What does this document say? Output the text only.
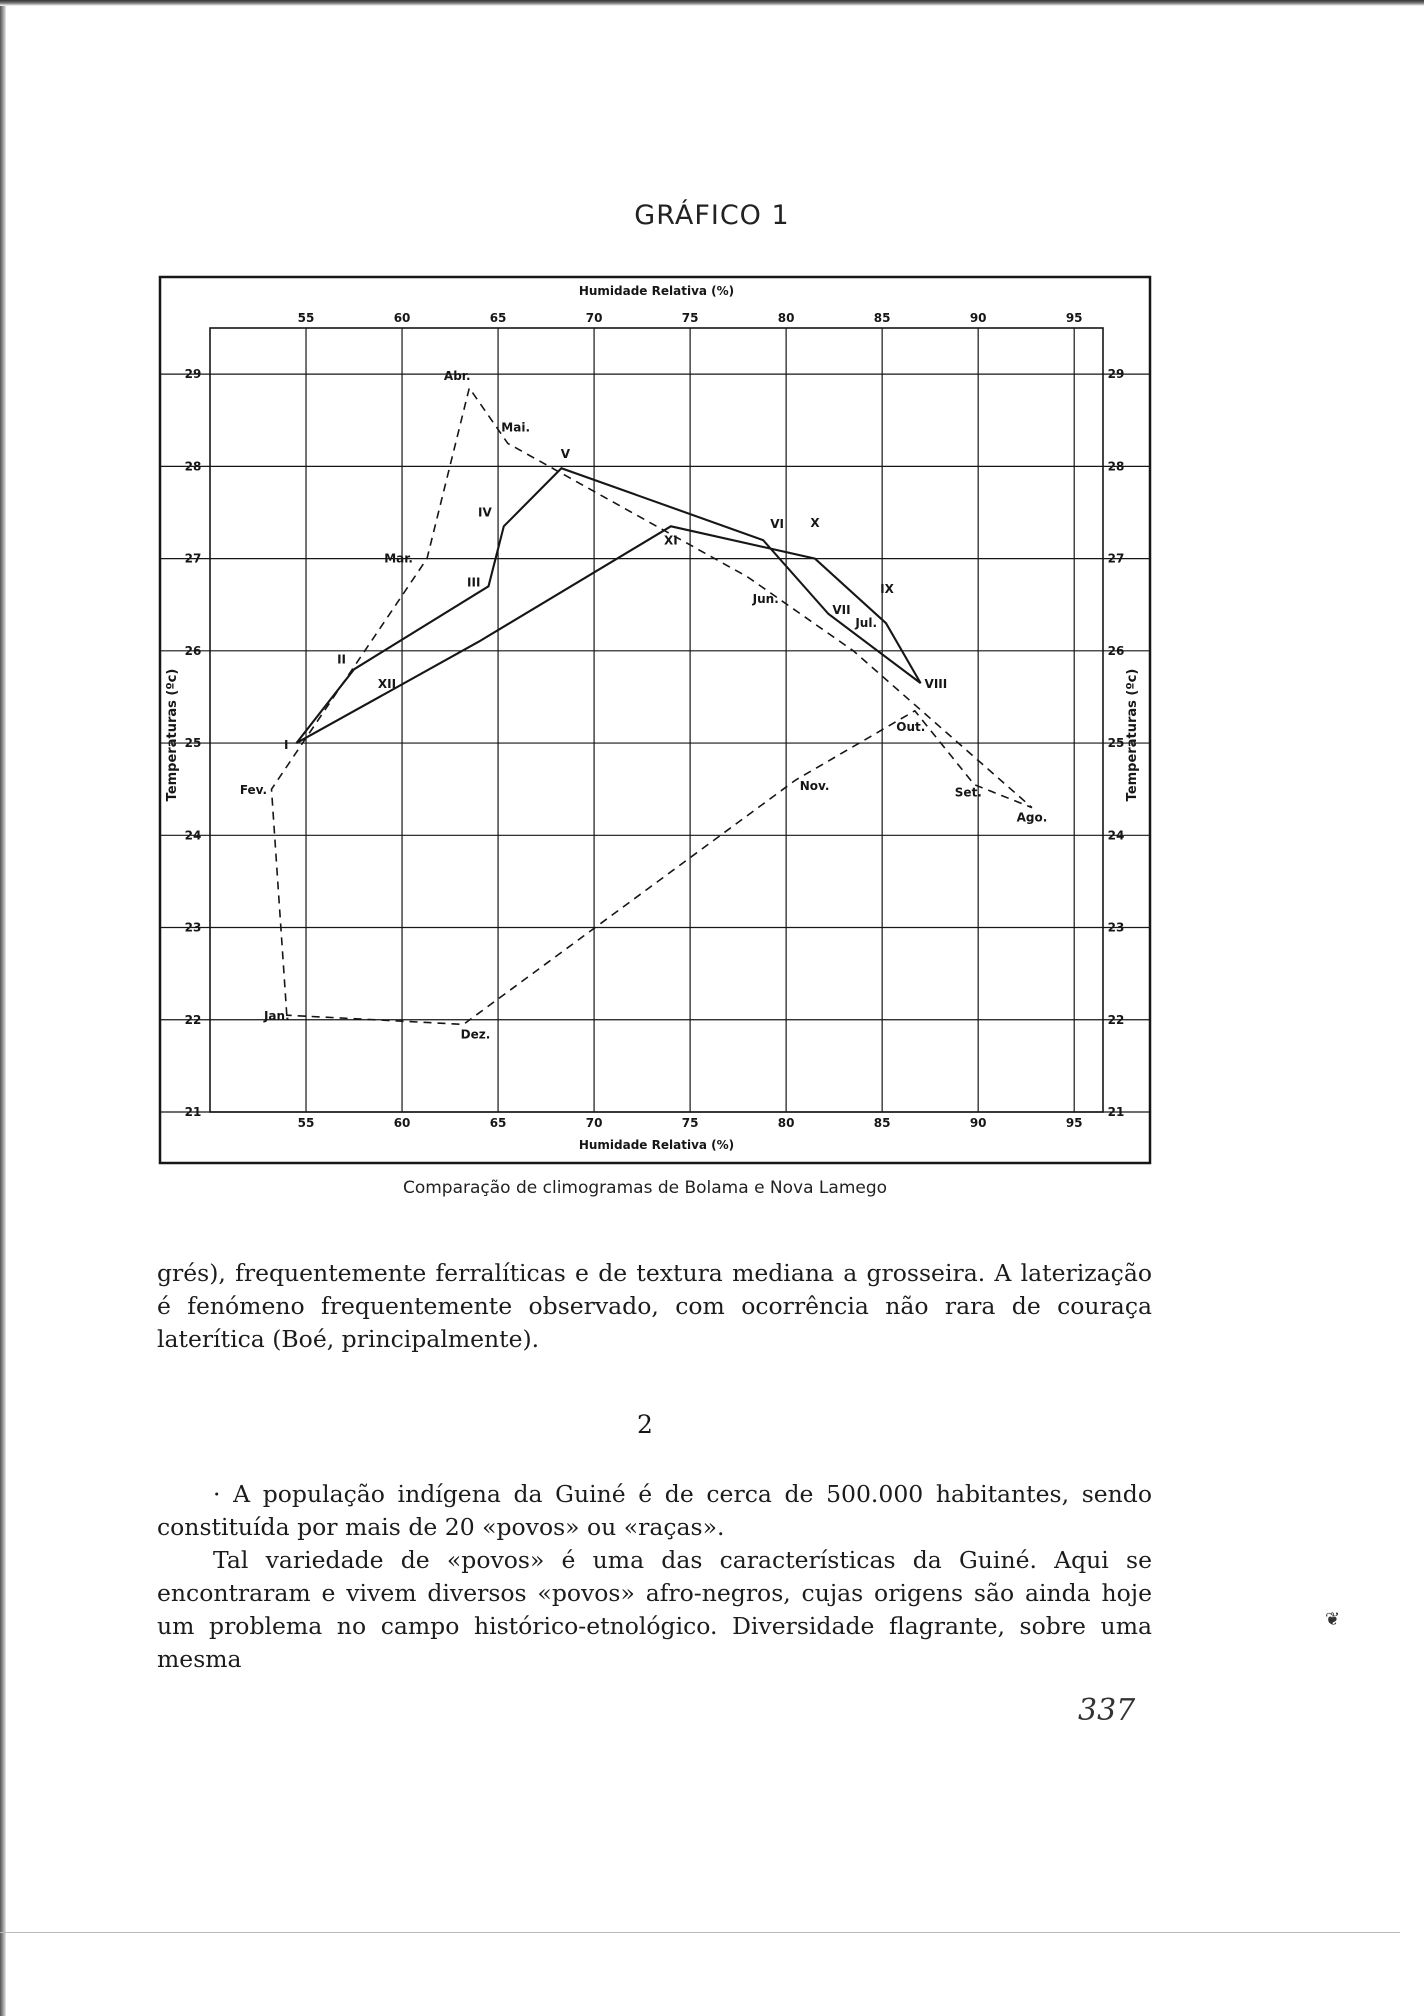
GRÁFICO 1
55
55
60
60
65
65
70
70
75
75
80
80
85
85
90
90
95
95
21	21
22	22
23	23
24	24
25	25
26	26
27	27
28	28
29	29
Humidade Relativa (%)
Humidade Relativa (%)
Temperaturas (ºc)	Temperaturas (ºc)
I
II
III
IV
V
VI
VII
VIII
IX
X
XI
XII
Jan.
Fev.
Mar.
Abr.
Mai.
Jun.
Jul.
Ago.
Set.
Out.
Nov.
Dez.
Comparação de climogramas de Bolama e Nova Lamego

grés), frequentemente ferralíticas e de textura mediana a grosseira. A laterização é fenómeno frequentemente observado, com ocorrência não rara de couraça laterítica (Boé, principalmente).

2

· A população indígena da Guiné é de cerca de 500.000 habitantes, sendo constituída por mais de 20 «povos» ou «raças».

Tal variedade de «povos» é uma das características da Guiné. Aqui se encontraram e vivem diversos «povos» afro-negros, cujas origens são ainda hoje um problema no campo histórico-etnológico. Diversidade flagrante, sobre uma mesma

337
❦
